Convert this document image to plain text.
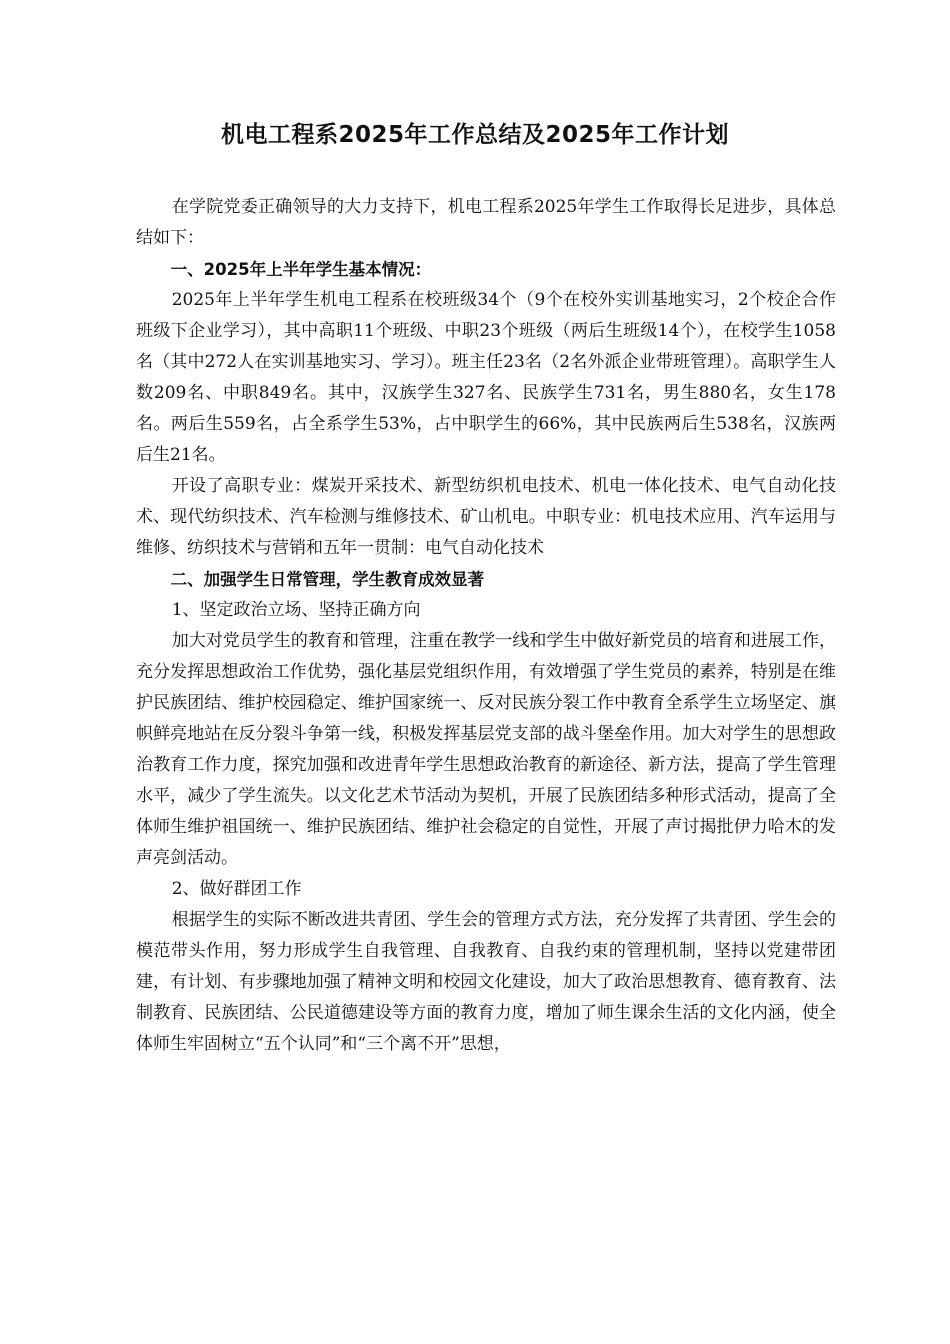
机电工程系2025年工作总结及2025年工作计划

在学院党委正确领导的大力支持下，机电工程系2025年学生工作取得长足进步，具体总结如下：

一、2025年上半年学生基本情况：

2025年上半年学生机电工程系在校班级34个（9个在校外实训基地实习，2个校企合作班级下企业学习），其中高职11个班级、中职23个班级（两后生班级14个），在校学生1058名（其中272人在实训基地实习、学习）。班主任23名（2名外派企业带班管理）。高职学生人数209名、中职849名。其中，汉族学生327名、民族学生731名，男生880名，女生178名。两后生559名，占全系学生53%，占中职学生的66%，其中民族两后生538名，汉族两后生21名。

开设了高职专业：煤炭开采技术、新型纺织机电技术、机电一体化技术、电气自动化技术、现代纺织技术、汽车检测与维修技术、矿山机电。中职专业：机电技术应用、汽车运用与维修、纺织技术与营销和五年一贯制：电气自动化技术

二、加强学生日常管理，学生教育成效显著

1、坚定政治立场、坚持正确方向

加大对党员学生的教育和管理，注重在教学一线和学生中做好新党员的培育和进展工作，充分发挥思想政治工作优势，强化基层党组织作用，有效增强了学生党员的素养，特别是在维护民族团结、维护校园稳定、维护国家统一、反对民族分裂工作中教育全系学生立场坚定、旗帜鲜亮地站在反分裂斗争第一线，积极发挥基层党支部的战斗堡垒作用。加大对学生的思想政治教育工作力度，探究加强和改进青年学生思想政治教育的新途径、新方法，提高了学生管理水平，减少了学生流失。以文化艺术节活动为契机，开展了民族团结多种形式活动，提高了全体师生维护祖国统一、维护民族团结、维护社会稳定的自觉性，开展了声讨揭批伊力哈木的发声亮剑活动。

2、做好群团工作

根据学生的实际不断改进共青团、学生会的管理方式方法，充分发挥了共青团、学生会的模范带头作用，努力形成学生自我管理、自我教育、自我约束的管理机制，坚持以党建带团建，有计划、有步骤地加强了精神文明和校园文化建设，加大了政治思想教育、德育教育、法制教育、民族团结、公民道德建设等方面的教育力度，增加了师生课余生活的文化内涵，使全体师生牢固树立“五个认同”和“三个离不开”思想，
